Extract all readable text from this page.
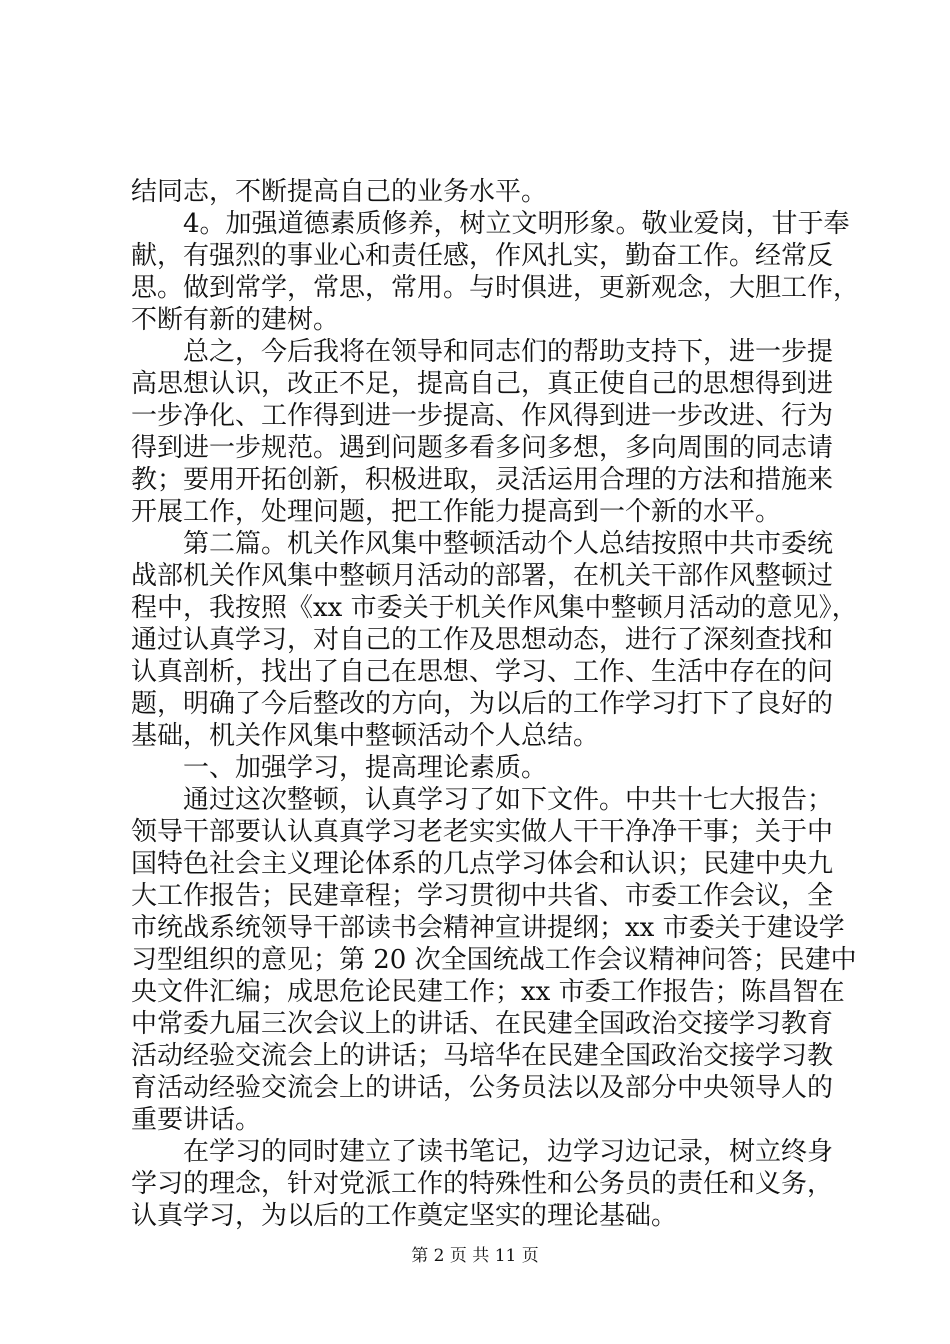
结同志，不断提高自己的业务水平。

　　4。加强道德素质修养，树立文明形象。敬业爱岗，甘于奉

献，有强烈的事业心和责任感，作风扎实，勤奋工作。经常反

思。做到常学，常思，常用。与时俱进，更新观念，大胆工作，

不断有新的建树。

　　总之，今后我将在领导和同志们的帮助支持下，进一步提

高思想认识，改正不足，提高自己，真正使自己的思想得到进

一步净化、工作得到进一步提高、作风得到进一步改进、行为

得到进一步规范。遇到问题多看多问多想，多向周围的同志请

教；要用开拓创新，积极进取，灵活运用合理的方法和措施来

开展工作，处理问题，把工作能力提高到一个新的水平。

　　第二篇。机关作风集中整顿活动个人总结按照中共市委统

战部机关作风集中整顿月活动的部署，在机关干部作风整顿过

程中，我按照《xx 市委关于机关作风集中整顿月活动的意见》，

通过认真学习，对自己的工作及思想动态，进行了深刻查找和

认真剖析，找出了自己在思想、学习、工作、生活中存在的问

题，明确了今后整改的方向，为以后的工作学习打下了良好的

基础，机关作风集中整顿活动个人总结。

　　一、加强学习，提高理论素质。

　　通过这次整顿，认真学习了如下文件。中共十七大报告；

领导干部要认认真真学习老老实实做人干干净净干事；关于中

国特色社会主义理论体系的几点学习体会和认识；民建中央九

大工作报告；民建章程；学习贯彻中共省、市委工作会议，全

市统战系统领导干部读书会精神宣讲提纲；xx 市委关于建设学

习型组织的意见；第 20 次全国统战工作会议精神问答；民建中

央文件汇编；成思危论民建工作；xx 市委工作报告；陈昌智在

中常委九届三次会议上的讲话、在民建全国政治交接学习教育

活动经验交流会上的讲话；马培华在民建全国政治交接学习教

育活动经验交流会上的讲话，公务员法以及部分中央领导人的

重要讲话。

　　在学习的同时建立了读书笔记，边学习边记录，树立终身

学习的理念，针对党派工作的特殊性和公务员的责任和义务，

认真学习，为以后的工作奠定坚实的理论基础。

第 2 页 共 11 页
